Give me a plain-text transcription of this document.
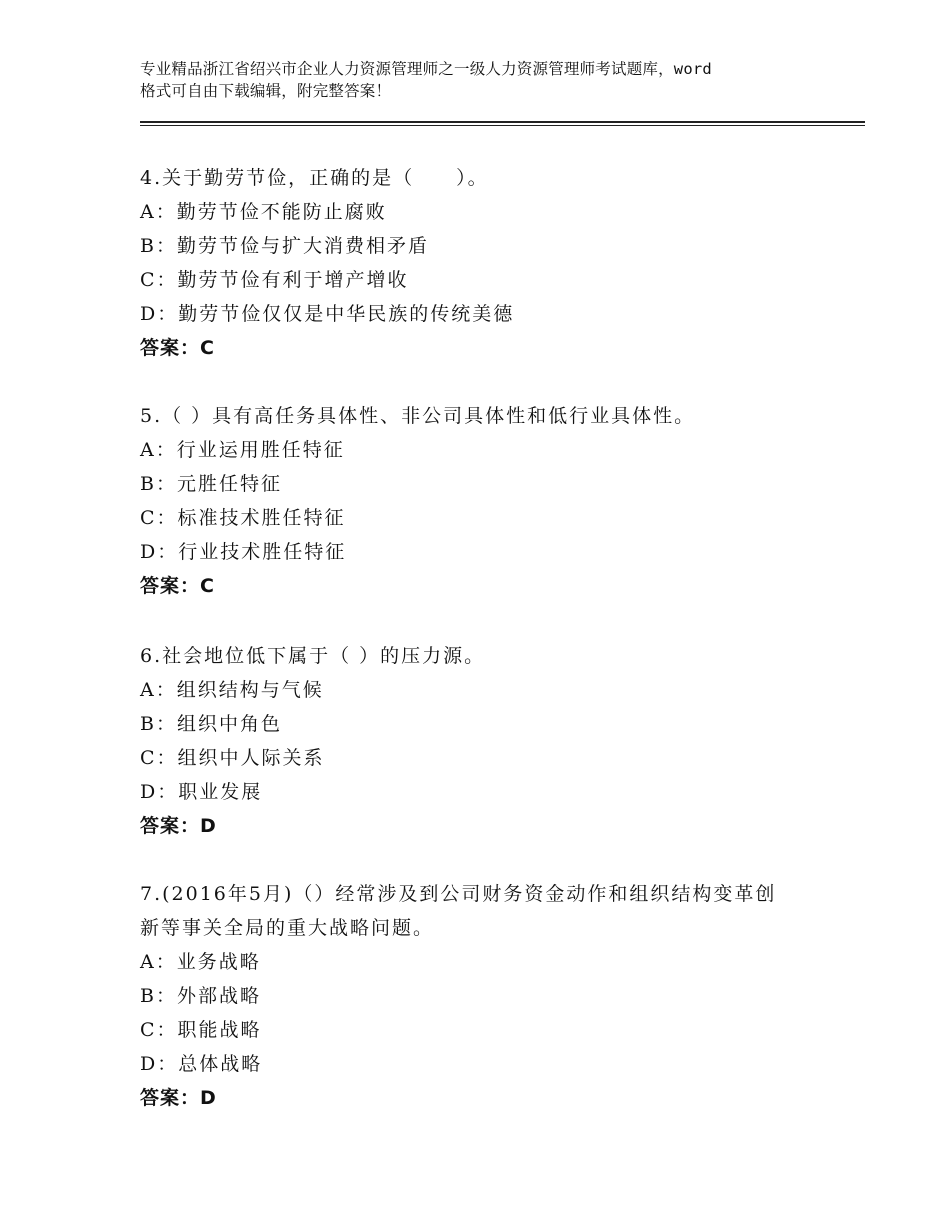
专业精品浙江省绍兴市企业人力资源管理师之一级人力资源管理师考试题库，word
格式可自由下载编辑，附完整答案！
4.关于勤劳节俭，正确的是（　　）。
A：勤劳节俭不能防止腐败
B：勤劳节俭与扩大消费相矛盾
C：勤劳节俭有利于增产增收
D：勤劳节俭仅仅是中华民族的传统美德
答案：C
5.（ ）具有高任务具体性、非公司具体性和低行业具体性。
A：行业运用胜任特征
B：元胜任特征
C：标准技术胜任特征
D：行业技术胜任特征
答案：C
6.社会地位低下属于（ ）的压力源。
A：组织结构与气候
B：组织中角色
C：组织中人际关系
D：职业发展
答案：D
7.(2016年5月)（）经常涉及到公司财务资金动作和组织结构变革创
新等事关全局的重大战略问题。
A：业务战略
B：外部战略
C：职能战略
D：总体战略
答案：D
